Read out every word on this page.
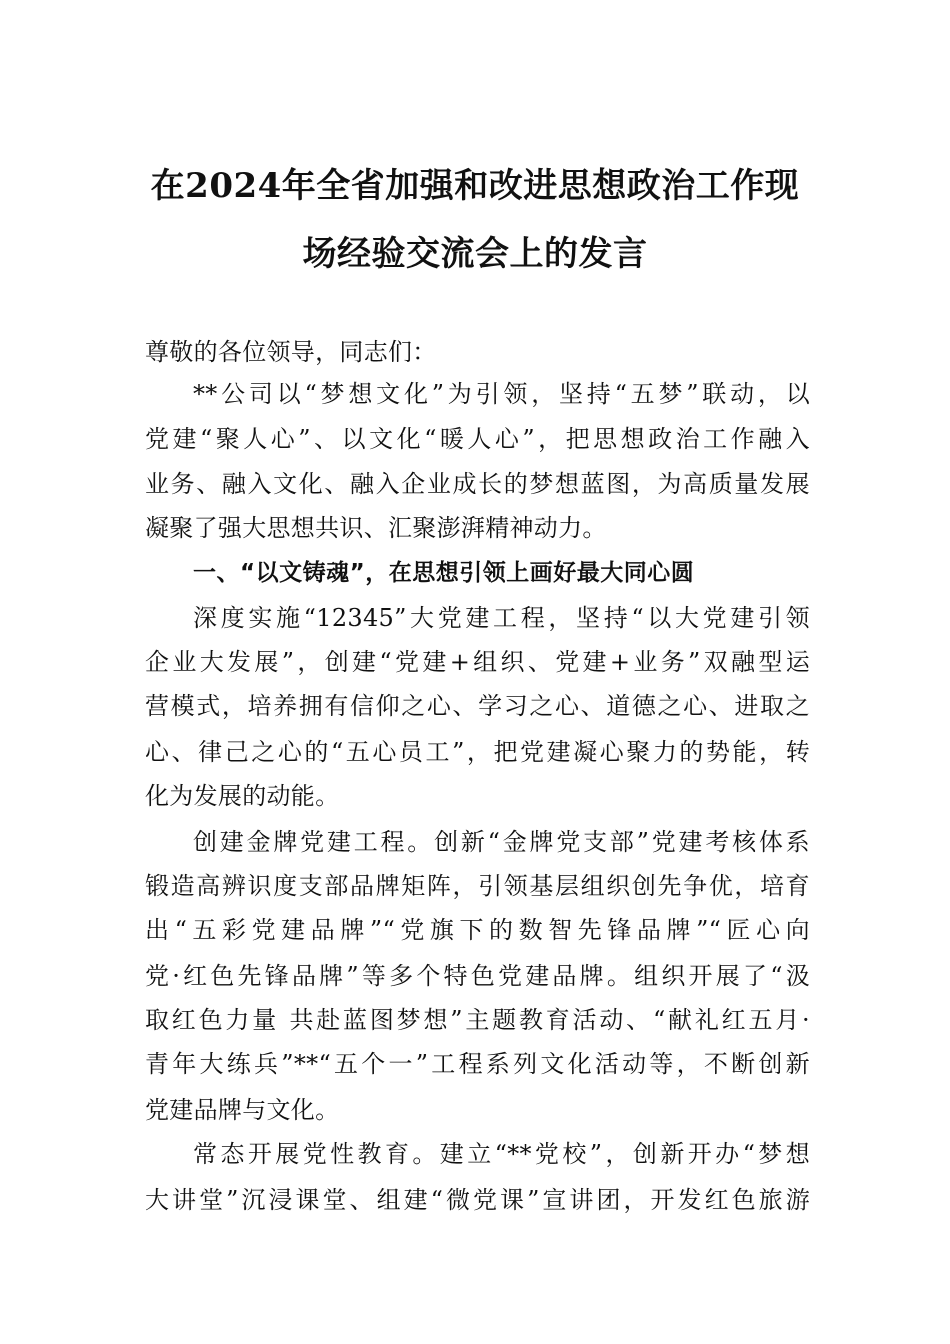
在2024年全省加强和改进思想政治工作现
场经验交流会上的发言
尊敬的各位领导，同志们：
**公司以“梦想文化”为引领，坚持“五梦”联动，以
党建“聚人心”、以文化“暖人心”，把思想政治工作融入
业务、融入文化、融入企业成长的梦想蓝图，为高质量发展
凝聚了强大思想共识、汇聚澎湃精神动力。
一、“以文铸魂”，在思想引领上画好最大同心圆
深度实施“12345”大党建工程，坚持“以大党建引领
企业大发展”，创建“党建+组织、党建+业务”双融型运
营模式，培养拥有信仰之心、学习之心、道德之心、进取之
心、律己之心的“五心员工”，把党建凝心聚力的势能，转
化为发展的动能。
创建金牌党建工程。创新“金牌党支部”党建考核体系
锻造高辨识度支部品牌矩阵，引领基层组织创先争优，培育
出“五彩党建品牌”“党旗下的数智先锋品牌”“匠心向
党·红色先锋品牌”等多个特色党建品牌。组织开展了“汲
取红色力量 共赴蓝图梦想”主题教育活动、“献礼红五月·
青年大练兵”**“五个一”工程系列文化活动等，不断创新
党建品牌与文化。
常态开展党性教育。建立“**党校”，创新开办“梦想
大讲堂”沉浸课堂、组建“微党课”宣讲团，开发红色旅游
